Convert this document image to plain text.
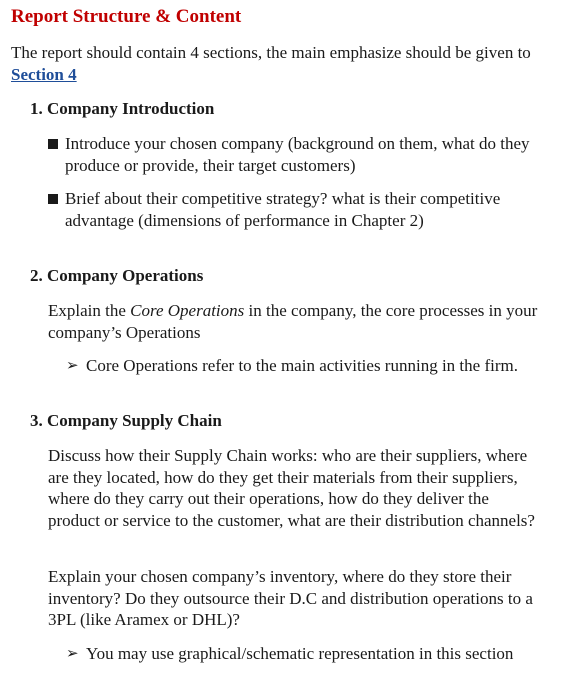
Report Structure & Content
The report should contain 4 sections, the main emphasize should be given to Section 4
1. Company Introduction
Introduce your chosen company (background on them, what do they produce or provide, their target customers)
Brief about their competitive strategy? what is their competitive advantage (dimensions of performance in Chapter 2)
2. Company Operations
Explain the Core Operations in the company, the core processes in your company’s Operations
➢ Core Operations refer to the main activities running in the firm.
3. Company Supply Chain
Discuss how their Supply Chain works: who are their suppliers, where are they located, how do they get their materials from their suppliers, where do they carry out their operations, how do they deliver the product or service to the customer, what are their distribution channels?
Explain your chosen company’s inventory, where do they store their inventory? Do they outsource their D.C and distribution operations to a 3PL (like Aramex or DHL)?
➢ You may use graphical/schematic representation in this section
